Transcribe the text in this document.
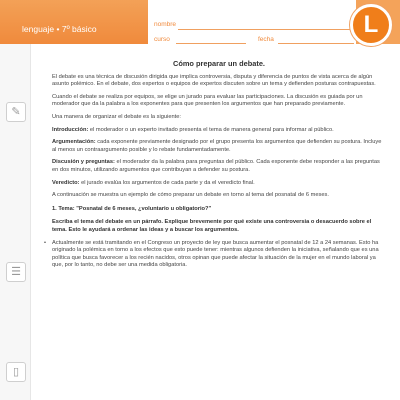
lenguaje • 7º básico	nombre
curso	fecha
L
✎
☰
▯
Cómo preparar un debate.

El debate es una técnica de discusión dirigida que implica controversia, disputa y diferencia de puntos de vista acerca de algún asunto polémico. En el debate, dos expertos o equipos de expertos discuten sobre un tema y defienden posturas contrapuestas.

Cuando el debate se realiza por equipos, se elige un jurado para evaluar las participaciones. La discusión es guiada por un moderador que da la palabra a los exponentes para que presenten los argumentos que han preparado previamente.

Una manera de organizar el debate es la siguiente:

Introducción: el moderador o un experto invitado presenta el tema de manera general para informar al público.

Argumentación: cada exponente previamente designado por el grupo presenta los argumentos que defienden su postura. Incluye al menos un contraargumento posible y lo rebate fundamentadamente.

Discusión y preguntas: el moderador da la palabra para preguntas del público. Cada exponente debe responder a las preguntas en dos minutos, utilizando argumentos que contribuyan a defender su postura.

Veredicto: el jurado evalúa los argumentos de cada parte y da el veredicto final.

A continuación se muestra un ejemplo de cómo preparar un debate en torno al tema del posnatal de 6 meses.

1. Tema: "Posnatal de 6 meses, ¿voluntario u obligatorio?"

Escriba el tema del debate en un párrafo. Explique brevemente por qué existe una controversia o desacuerdo sobre el tema. Esto le ayudará a ordenar las ideas y a buscar los argumentos.

• Actualmente se está tramitando en el Congreso un proyecto de ley que busca aumentar el posnatal de 12 a 24 semanas. Esto ha originado la polémica en torno a los efectos que esto puede tener: mientras algunos defienden la iniciativa, señalando que es una política que busca favorecer a los recién nacidos, otros opinan que puede afectar la situación de la mujer en el mundo laboral ya que, por lo tanto, no debe ser una medida obligatoria.
